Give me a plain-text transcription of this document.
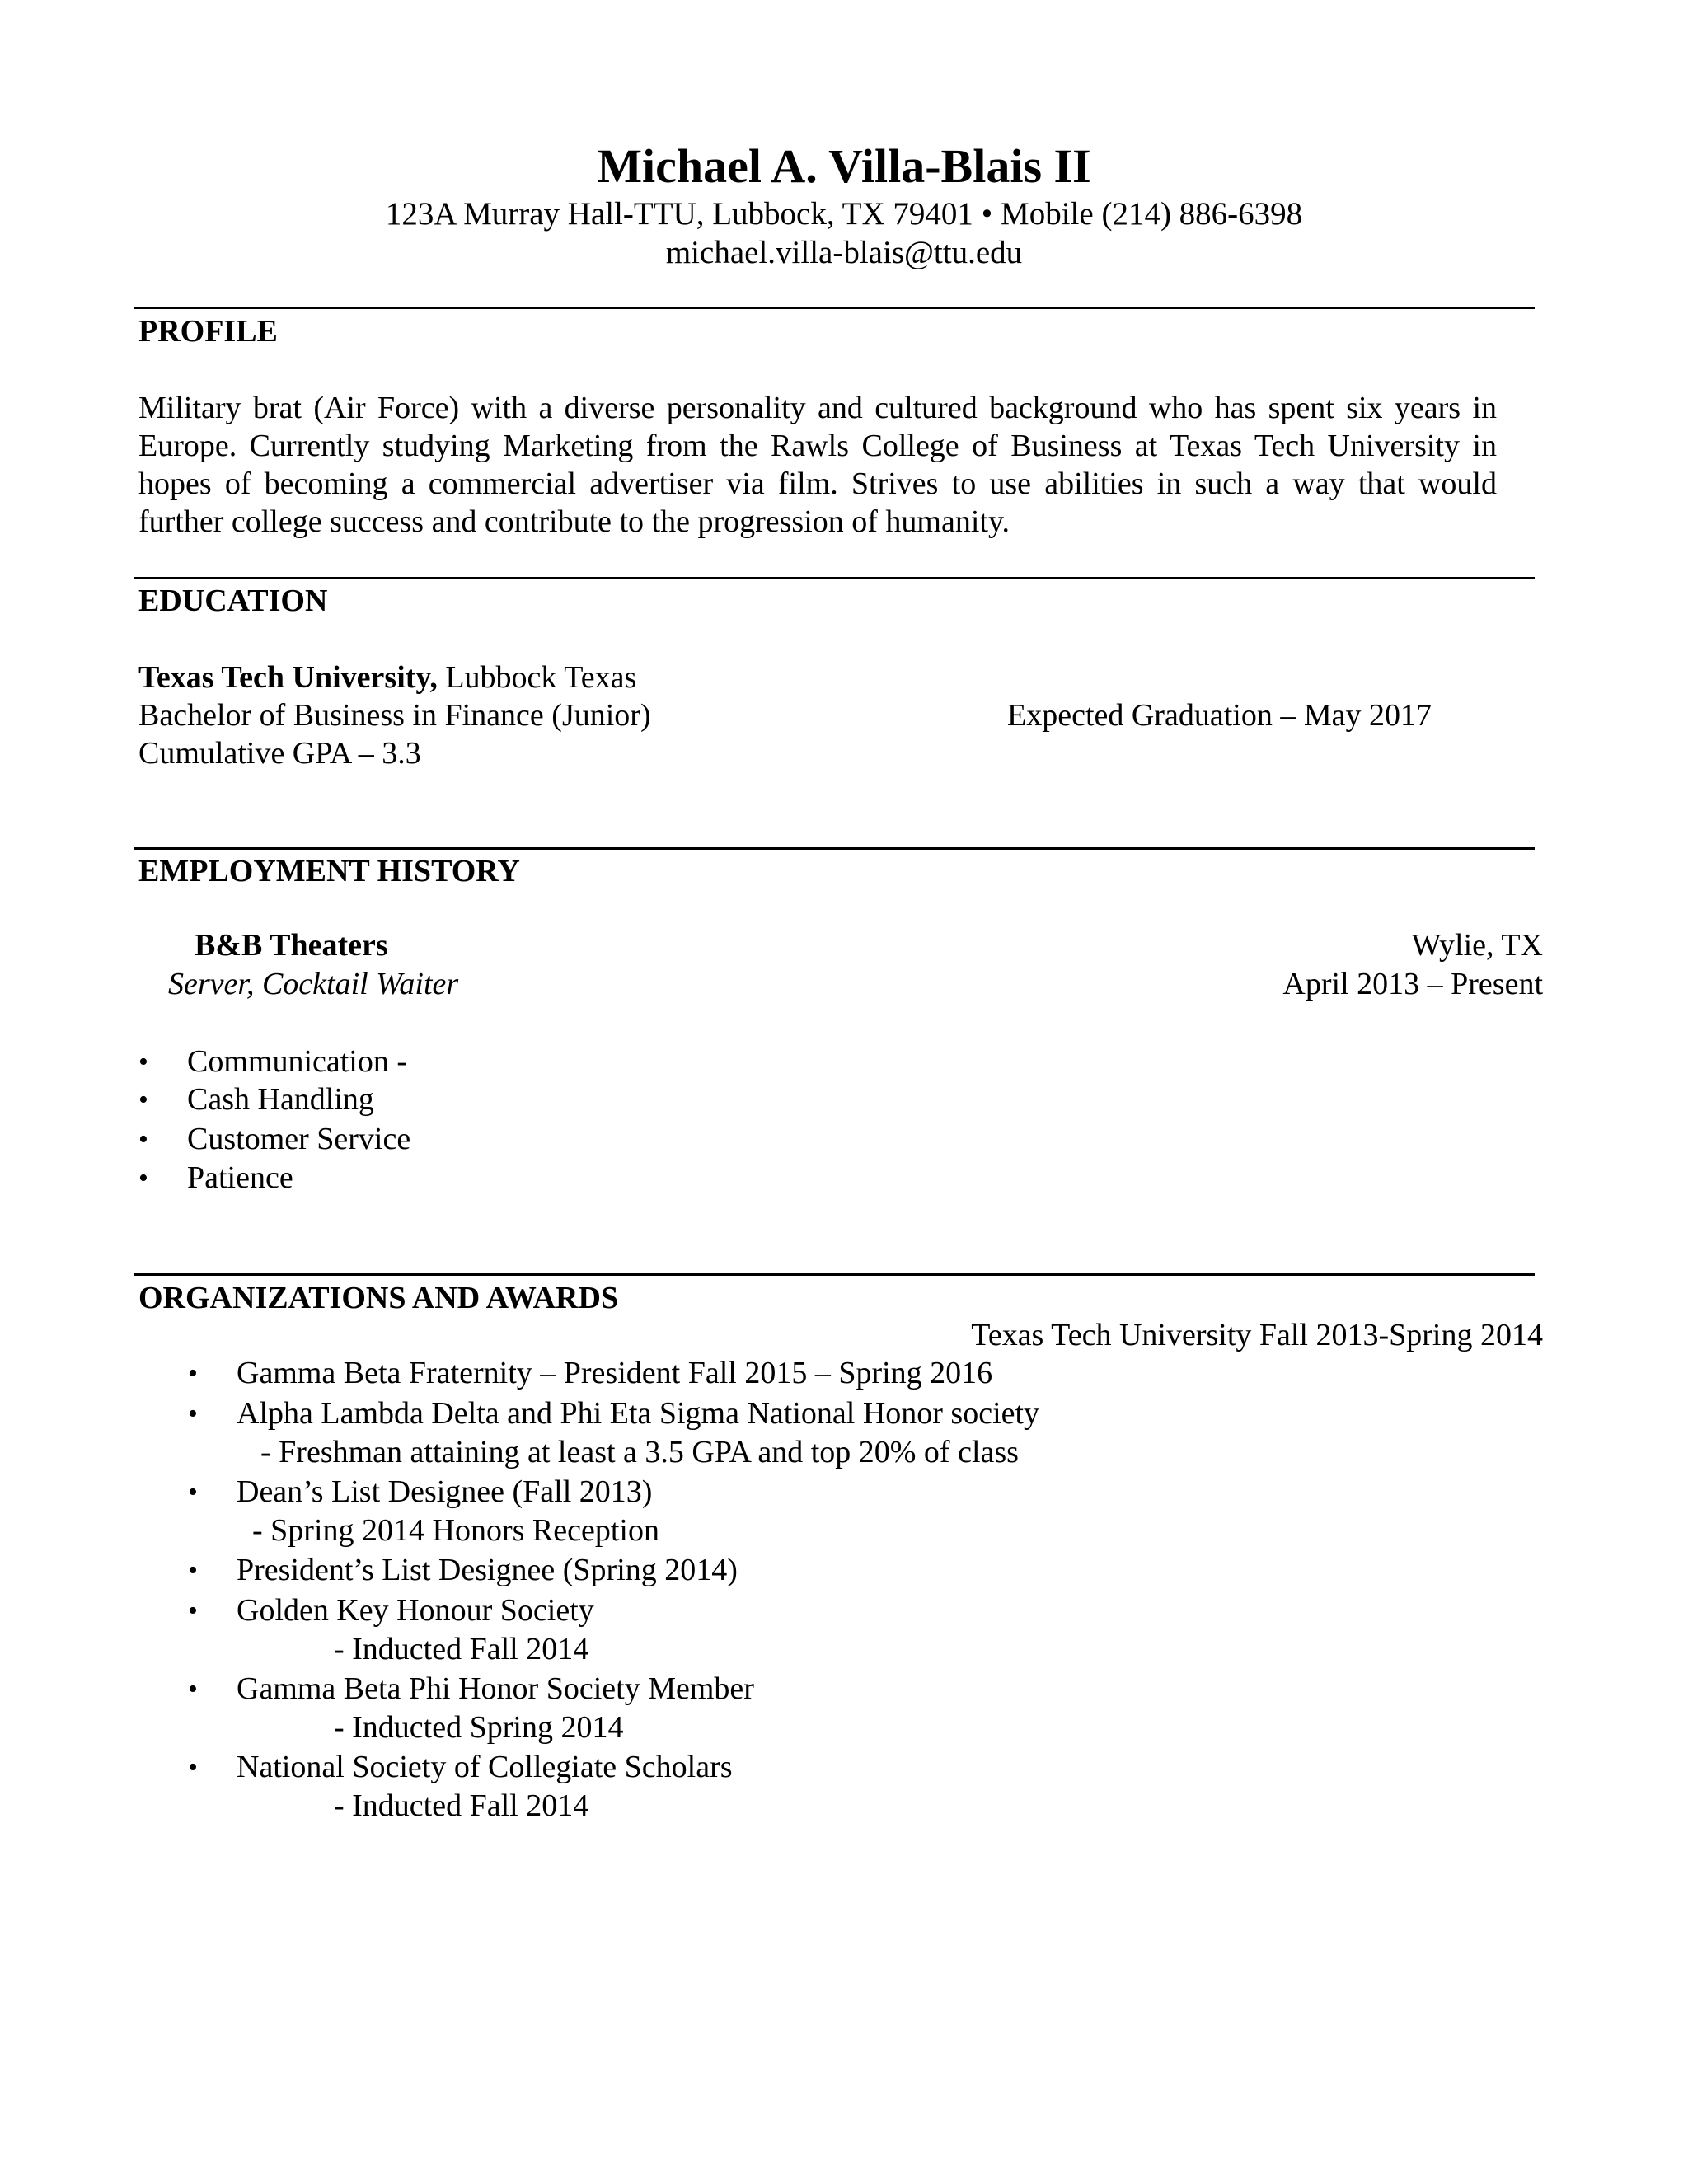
Michael A. Villa-Blais II
123A Murray Hall-TTU, Lubbock, TX 79401 • Mobile (214) 886-6398
michael.villa-blais@ttu.edu
PROFILE
Military brat (Air Force) with a diverse personality and cultured background who has spent six years in
Europe. Currently studying Marketing from the Rawls College of Business at Texas Tech University in
hopes of becoming a commercial advertiser via film. Strives to use abilities in such a way that would
further college success and contribute to the progression of humanity.
EDUCATION
Texas Tech University, Lubbock Texas
Bachelor of Business in Finance (Junior)	Expected Graduation – May 2017
Cumulative GPA – 3.3
EMPLOYMENT HISTORY
B&B Theaters	Wylie, TX
Server, Cocktail Waiter	April 2013 – Present
• Communication -
• Cash Handling
• Customer Service
• Patience
ORGANIZATIONS AND AWARDS
Texas Tech University Fall 2013-Spring 2014
• Gamma Beta Fraternity – President Fall 2015 – Spring 2016
• Alpha Lambda Delta and Phi Eta Sigma National Honor society
- Freshman attaining at least a 3.5 GPA and top 20% of class
• Dean’s List Designee (Fall 2013)
- Spring 2014 Honors Reception
• President’s List Designee (Spring 2014)
• Golden Key Honour Society
- Inducted Fall 2014
• Gamma Beta Phi Honor Society Member
- Inducted Spring 2014
• National Society of Collegiate Scholars
- Inducted Fall 2014
